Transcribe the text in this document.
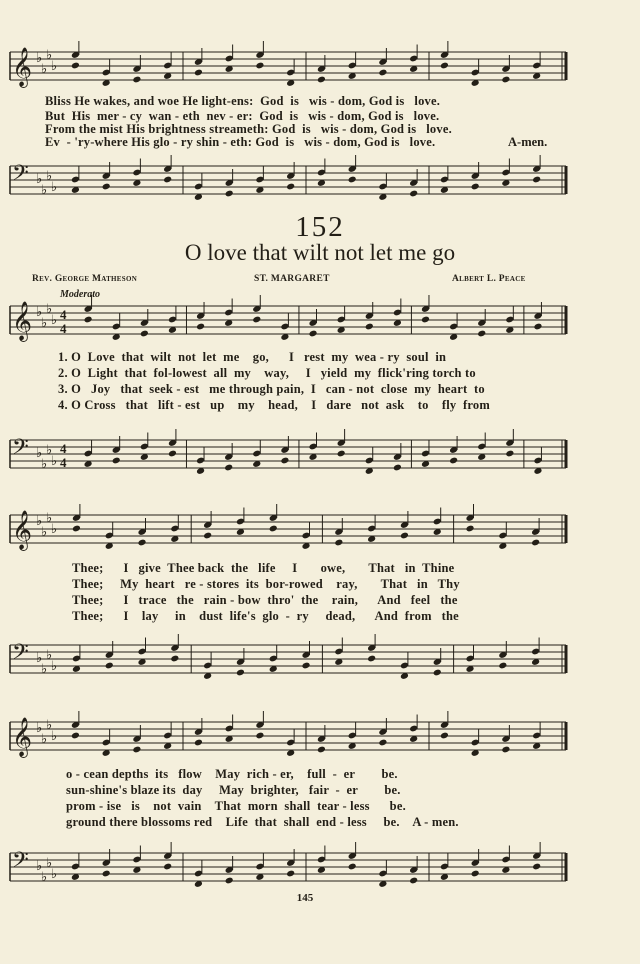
𝄞 ♭
♭
♭
♭
Bliss He wakes, and woe He light-ens:  God  is   wis - dom, God is   love.
But  His  mer - cy  wan - eth  nev - er:  God  is   wis - dom, God is   love.
From the mist His brightness streameth: God  is   wis - dom, God is   love.
Ev  - 'ry-where His glo - ry shin - eth: God  is   wis - dom, God is   love.	A-men.
𝄢 ♭
♭
♭
♭
152
O love that wilt not let me go
Rev. George Matheson	ST. MARGARET	Albert L. Peace
Moderato
𝄞 ♭
♭
♭
♭ 4
4
1. O  Love  that  wilt  not  let  me    go,      I   rest  my  wea - ry  soul  in
2. O  Light  that  fol-lowest  all  my    way,     I   yield  my  flick'ring torch to
3. O   Joy   that  seek - est   me through pain,  I   can - not  close  my  heart  to
4. O Cross   that   lift - est   up    my    head,    I   dare   not  ask    to    fly  from
𝄢 ♭
♭
♭
♭
4
4
𝄞 ♭
♭
♭
♭
Thee;      I   give  Thee back  the   life     I       owe,       That   in  Thine
Thee;     My  heart   re - stores  its  bor-rowed    ray,       That   in   Thy
Thee;      I   trace   the   rain - bow  thro'  the    rain,      And   feel   the
Thee;      I    lay     in    dust  life's  glo  -  ry     dead,      And  from   the
𝄢 ♭
♭
♭
♭
𝄞 ♭
♭
♭
♭
o - cean depths  its   flow    May  rich - er,    full  -  er        be.
sun-shine's blaze its  day     May  brighter,   fair  -  er        be.
prom - ise   is    not  vain    That  morn  shall  tear - less      be.
ground there blossoms red    Life  that  shall  end - less     be.    A - men.
𝄢 ♭
♭
♭
♭
145
